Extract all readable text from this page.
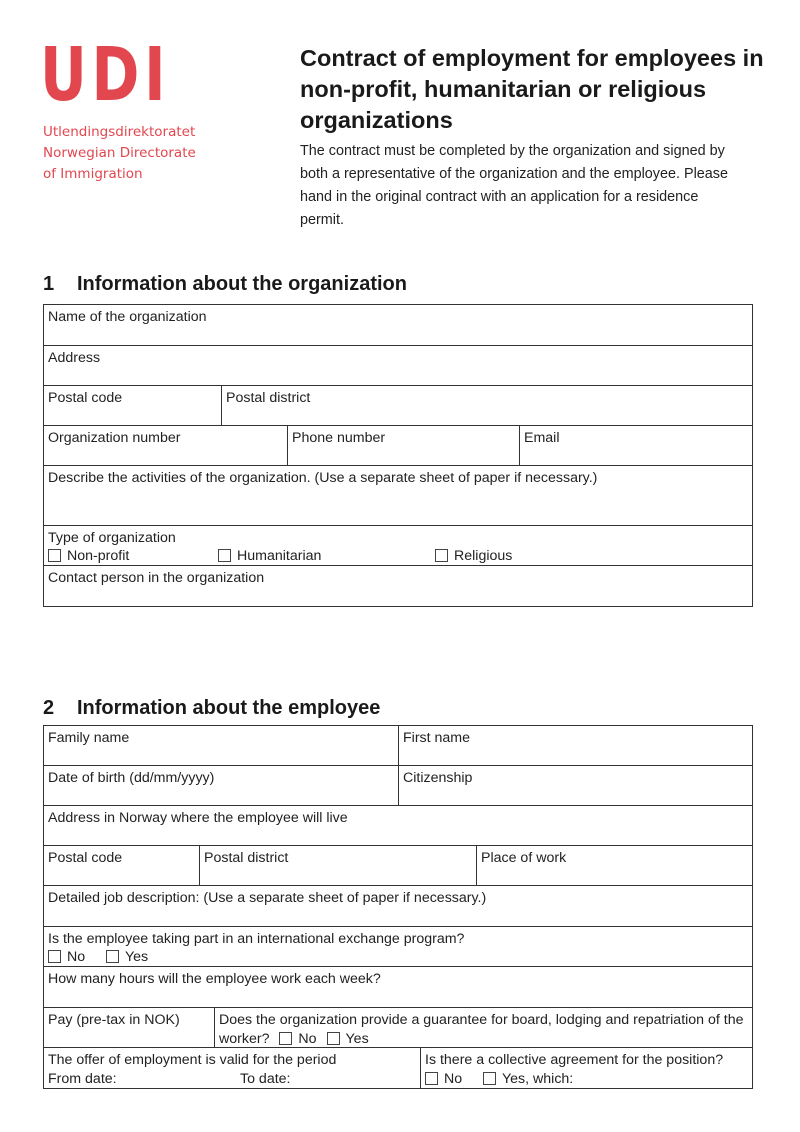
UDI
Utlendingsdirektoratet
Norwegian Directorate
of Immigration
Contract of employment for employees in non-profit, humanitarian or religious organizations
The contract must be completed by the organization and signed by both a representative of the organization and the employee. Please hand in the original contract with an application for a residence permit.
1 Information about the organization
Name of the organization
Address
Postal code	Postal district
Organization number	Phone number	Email
Describe the activities of the organization. (Use a separate sheet of paper if necessary.)
Type of organization
Non-profit	Humanitarian	Religious
Contact person in the organization
2 Information about the employee
Family name	First name
Date of birth (dd/mm/yyyy)	Citizenship
Address in Norway where the employee will live
Postal code	Postal district	Place of work
Detailed job description: (Use a separate sheet of paper if necessary.)
Is the employee taking part in an international exchange program?
No	Yes
How many hours will the employee work each week?
Pay (pre-tax in NOK)	Does the organization provide a guarantee for board, lodging and repatriation of the worker? No Yes
The offer of employment is valid for the period
From date:	To date:
Is there a collective agreement for the position?
No	Yes, which:
